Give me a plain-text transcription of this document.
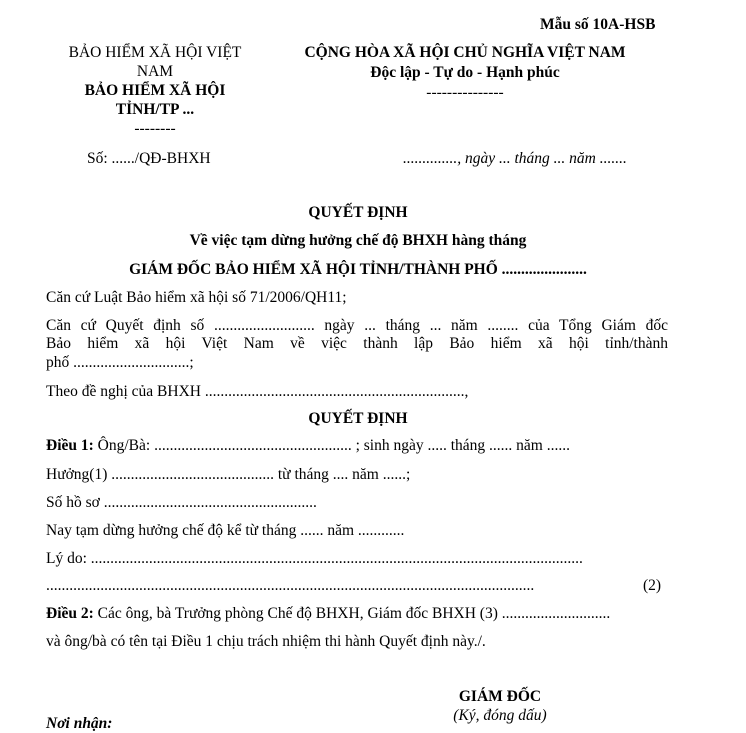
Mẫu số 10A-HSB
BẢO HIỂM XÃ HỘI VIỆT
NAM
BẢO HIỂM XÃ HỘI
TỈNH/TP ...
--------
Số: ....../QĐ-BHXH
CỘNG HÒA XÃ HỘI CHỦ NGHĨA VIỆT NAM
Độc lập - Tự do - Hạnh phúc
---------------
.............., ngày ... tháng ... năm .......
QUYẾT ĐỊNH
Về việc tạm dừng hưởng chế độ BHXH hàng tháng
GIÁM ĐỐC BẢO HIỂM XÃ HỘI TỈNH/THÀNH PHỐ ......................
Căn cứ Luật Bảo hiểm xã hội số 71/2006/QH11;
Căn cứ Quyết định số .......................... ngày ... tháng ... năm ........ của Tổng Giám đốc
Bảo hiểm xã hội Việt Nam về việc thành lập Bảo hiểm xã hội tỉnh/thành
phố ..............................;
Theo đề nghị của BHXH ...................................................................,
QUYẾT ĐỊNH
Điều 1: Ông/Bà: ................................................... ; sinh ngày ..... tháng ...... năm ......
Hưởng(1) .......................................... từ tháng .... năm ......;
Số hồ sơ .......................................................
Nay tạm dừng hưởng chế độ kể từ tháng ...... năm ............
Lý do: ...............................................................................................................................
..............................................................................................................................	(2)
Điều 2: Các ông, bà Trưởng phòng Chế độ BHXH, Giám đốc BHXH (3) ............................
và ông/bà có tên tại Điều 1 chịu trách nhiệm thi hành Quyết định này./.
GIÁM ĐỐC
(Ký, đóng dấu)
Nơi nhận:
